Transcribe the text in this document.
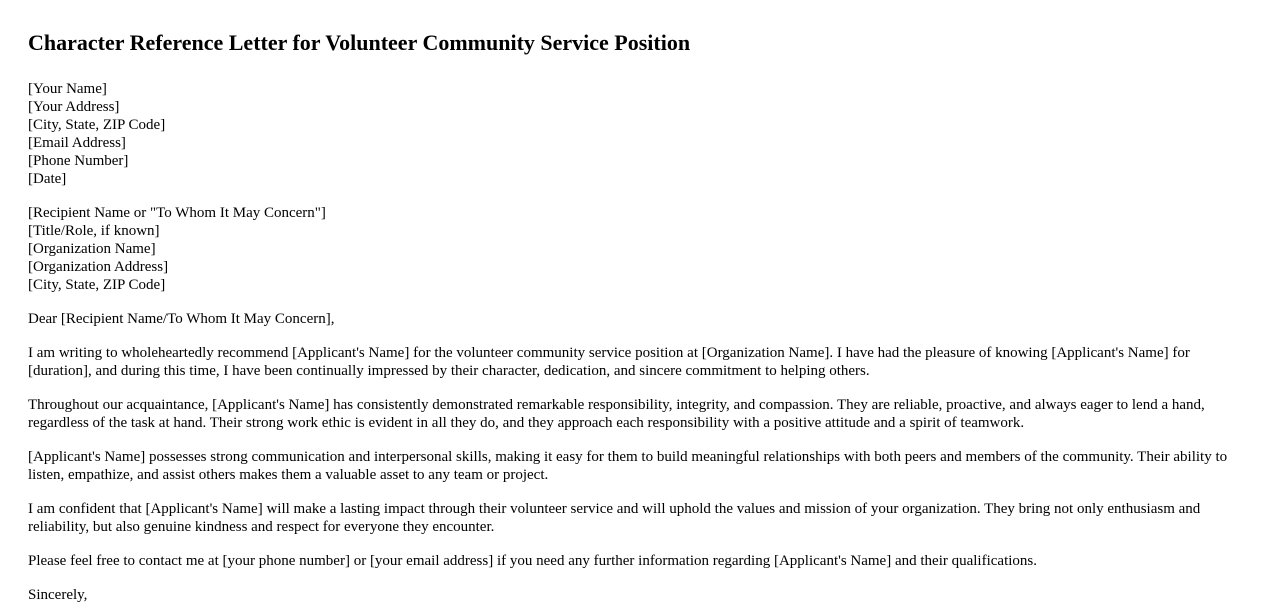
Character Reference Letter for Volunteer Community Service Position
[Your Name]
[Your Address]
[City, State, ZIP Code]
[Email Address]
[Phone Number]
[Date]
[Recipient Name or "To Whom It May Concern"]
[Title/Role, if known]
[Organization Name]
[Organization Address]
[City, State, ZIP Code]

Dear [Recipient Name/To Whom It May Concern],

I am writing to wholeheartedly recommend [Applicant's Name] for the volunteer community service position at [Organization Name]. I have had the pleasure of knowing [Applicant's Name] for [duration], and during this time, I have been continually impressed by their character, dedication, and sincere commitment to helping others.

Throughout our acquaintance, [Applicant's Name] has consistently demonstrated remarkable responsibility, integrity, and compassion. They are reliable, proactive, and always eager to lend a hand, regardless of the task at hand. Their strong work ethic is evident in all they do, and they approach each responsibility with a positive attitude and a spirit of teamwork.

[Applicant's Name] possesses strong communication and interpersonal skills, making it easy for them to build meaningful relationships with both peers and members of the community. Their ability to listen, empathize, and assist others makes them a valuable asset to any team or project.

I am confident that [Applicant's Name] will make a lasting impact through their volunteer service and will uphold the values and mission of your organization. They bring not only enthusiasm and reliability, but also genuine kindness and respect for everyone they encounter.

Please feel free to contact me at [your phone number] or [your email address] if you need any further information regarding [Applicant's Name] and their qualifications.

Sincerely,
